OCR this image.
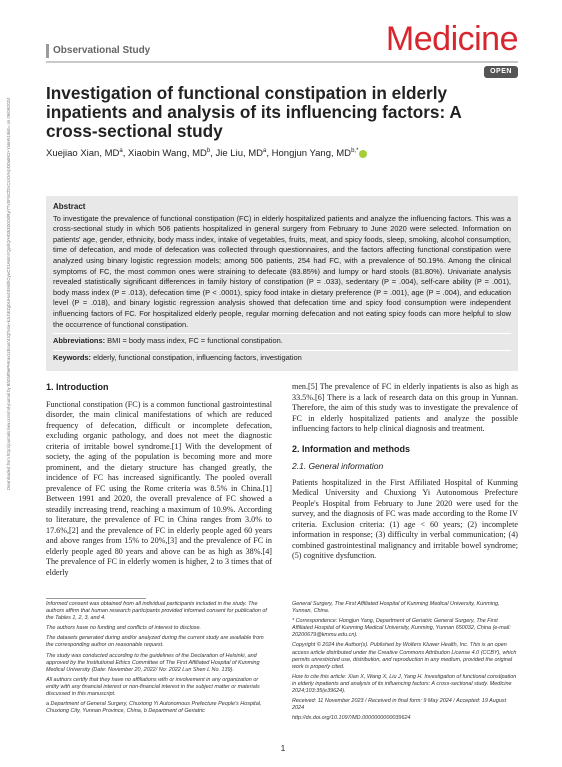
Downloaded from http://journals.lww.com/md-journal by BhDMf5ePHKav1zEoum1tQfN4a+kJLhEZgbsIHo4XMi0hCywCX1AWnYQp/IlQrHD3i3D0OdRyi7TvSFl4Cf3VC4/OAVpDDa8K2+Ya6H515kE= on 09/09/2024
Observational Study	Medicine
OPEN
Investigation of functional constipation in elderly inpatients and analysis of its influencing factors: A cross-sectional study
Xuejiao Xian, $MD^a$, Xiaobin Wang, $MD^b$, Jie Liu, $MD^a$, Hongjun Yang, $MD^{b,*}$
Abstract
To investigate the prevalence of functional constipation (FC) in elderly hospitalized patients and analyze the influencing factors. This was a cross-sectional study in which 506 patients hospitalized in general surgery from February to June 2020 were selected. Information on patients' age, gender, ethnicity, body mass index, intake of vegetables, fruits, meat, and spicy foods, sleep, smoking, alcohol consumption, time of defecation, and mode of defecation was collected through questionnaires, and the factors affecting functional constipation were analyzed using binary logistic regression models; among 506 patients, 254 had FC, with a prevalence of 50.19%. Among the clinical symptoms of FC, the most common ones were straining to defecate (83.85%) and lumpy or hard stools (81.80%). Univariate analysis revealed statistically significant differences in family history of constipation (P = .033), sedentary (P = .004), self-care ability (P = .001), body mass index (P = .013), defecation time (P < .0001), spicy food intake in dietary preference (P = .001), age (P = .004), and education level (P = .018), and binary logistic regression analysis showed that defecation time and spicy food consumption were independent influencing factors of FC. For hospitalized elderly people, regular morning defecation and not eating spicy foods can more helpful to slow the occurrence of functional constipation.
Abbreviations: BMI = body mass index, FC = functional constipation.
Keywords: elderly, functional constipation, influencing factors, investigation
1. Introduction

Functional constipation (FC) is a common functional gastrointestinal disorder, the main clinical manifestations of which are reduced frequency of defecation, difficult or incomplete defecation, excluding organic pathology, and does not meet the diagnostic criteria of irritable bowel syndrome.[1] With the development of society, the aging of the population is becoming more and more prominent, and the dietary structure has changed greatly, the incidence of FC has increased significantly. The pooled overall prevalence of FC using the Rome criteria was 8.5% in China.[1] Between 1991 and 2020, the overall prevalence of FC showed a steadily increasing trend, reaching a maximum of 10.9%. According to literature, the prevalence of FC in China ranges from 3.0% to 17.6%,[2] and the prevalence of FC in elderly people aged 60 years and above ranges from 15% to 20%,[3] and the prevalence of FC in elderly people aged 80 years and above can be as high as 38%.[4] The prevalence of FC in elderly women is higher, 2 to 3 times that of elderly

men.[5] The prevalence of FC in elderly inpatients is also as high as 33.5%.[6] There is a lack of research data on this group in Yunnan. Therefore, the aim of this study was to investigate the prevalence of FC in elderly hospitalized patients and analyze the possible influencing factors to help clinical diagnosis and treatment.

2. Information and methods
2.1. General information

Patients hospitalized in the First Affiliated Hospital of Kunming Medical University and Chuxiong Yi Autonomous Prefecture People's Hospital from February to June 2020 were used for the survey, and the diagnosis of FC was made according to the Rome IV criteria. Exclusion criteria: (1) age < 60 years; (2) incomplete information in response; (3) difficulty in verbal communication; (4) combined gastrointestinal malignancy and irritable bowel syndrome; (5) cognitive dysfunction.

Informed consent was obtained from all individual participants included in the study. The authors affirm that human research participants provided informed consent for publication of the Tables 1, 2, 3, and 4.

The authors have no funding and conflicts of interest to disclose.

The datasets generated during and/or analyzed during the current study are available from the corresponding author on reasonable request.

The study was conducted according to the guidelines of the Declaration of Helsinki, and approved by the Institutional Ethics Committee of The First Affiliated Hospital of Kunming Medical University (Date: November 20, 2022/ No: 2022 Lun Shen L No. 139).

All authors certify that they have no affiliations with or involvement in any organization or entity with any financial interest or non-financial interest in the subject matter or materials discussed in this manuscript.

a Department of General Surgery, Chuxiong Yi Autonomous Prefecture People's Hospital, Chuxiong City, Yunnan Province, China, b Department of Geriatric

General Surgery, The First Affiliated Hospital of Kunming Medical University, Kunming, Yunnan, China.

* Correspondence: Hongjun Yang, Department of Geriatric General Surgery, The First Affiliated Hospital of Kunming Medical University, Kunming, Yunnan 650032, China (e-mail: 20200679@kmmu.edu.cn).

Copyright © 2024 the Author(s). Published by Wolters Kluwer Health, Inc. This is an open access article distributed under the Creative Commons Attribution License 4.0 (CCBY), which permits unrestricted use, distribution, and reproduction in any medium, provided the original work is properly cited.

How to cite this article: Xian X, Wang X, Liu J, Yang H. Investigation of functional constipation in elderly inpatients and analysis of its influencing factors: A cross-sectional study. Medicine 2024;103:35(e39624).

Received: 11 November 2023 / Received in final form: 9 May 2024 / Accepted: 19 August 2024

http://dx.doi.org/10.1097/MD.0000000000039624

1
